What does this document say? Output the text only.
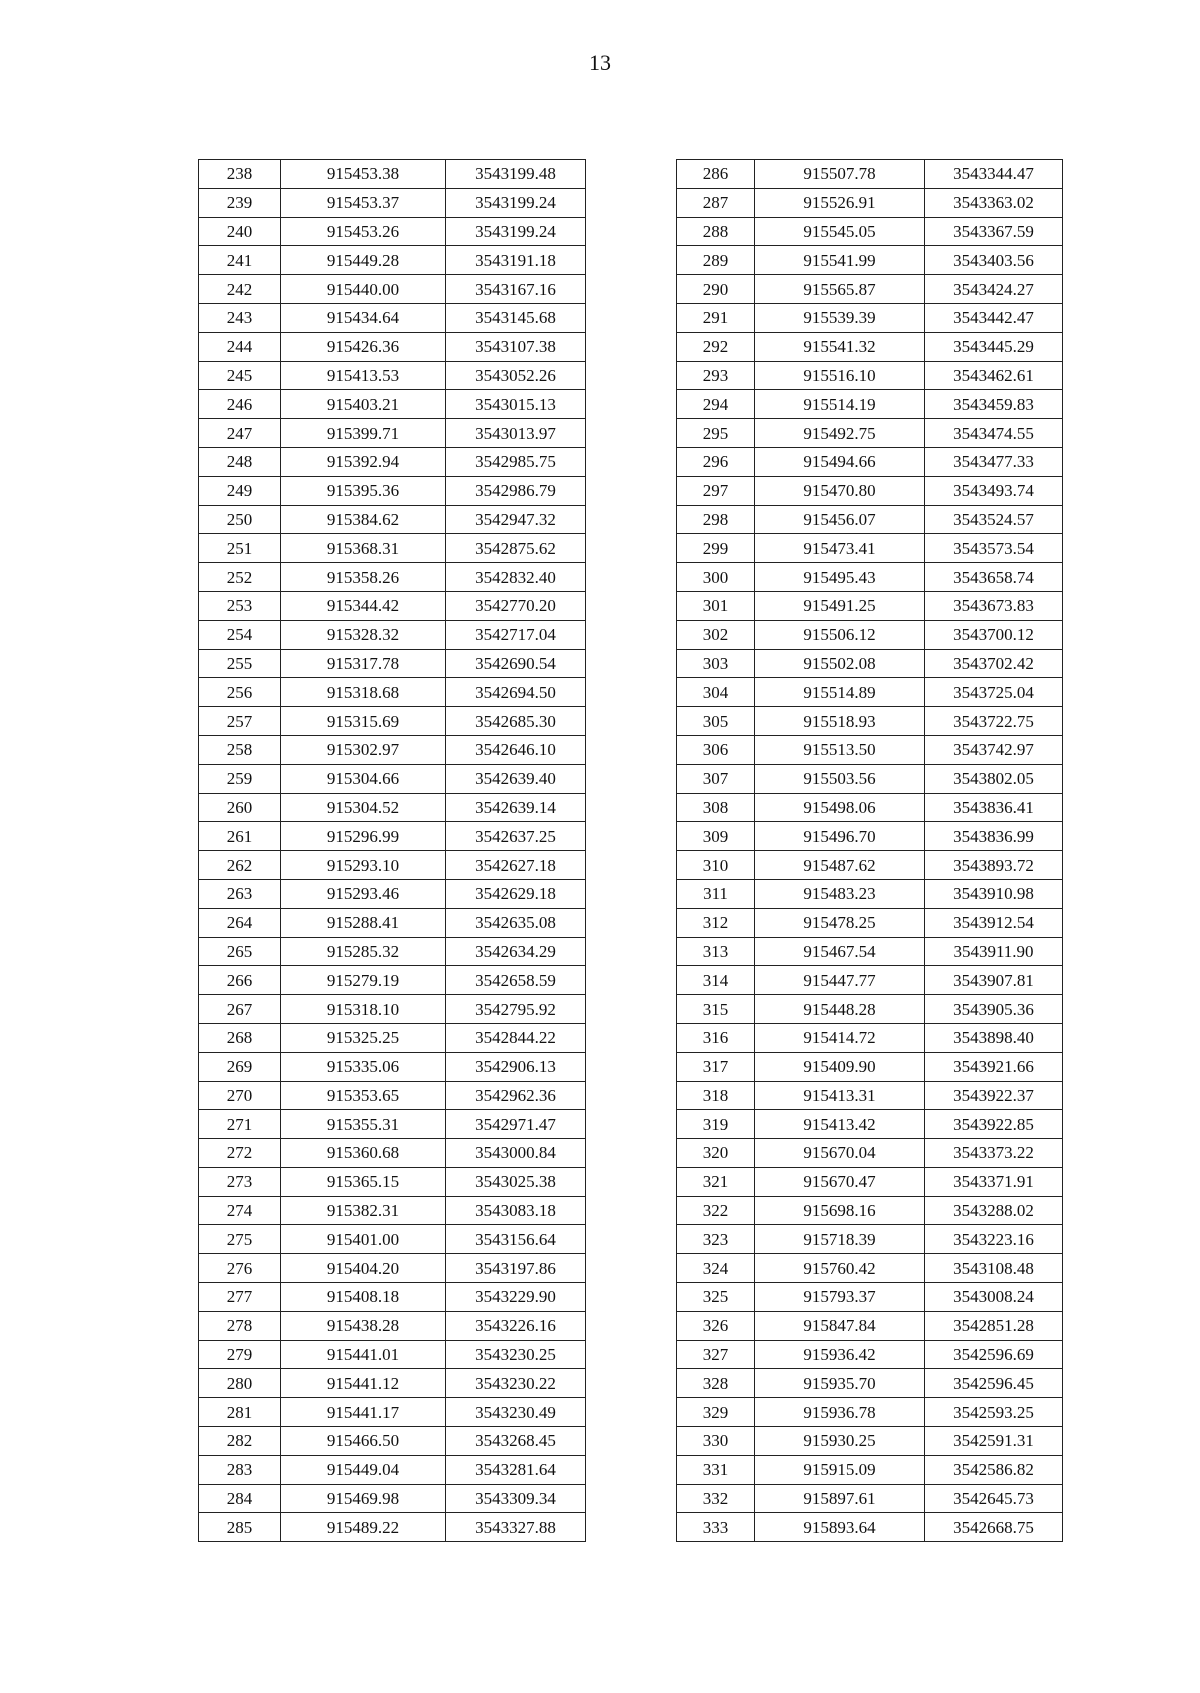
13
238	915453.38	3543199.48
239	915453.37	3543199.24
240	915453.26	3543199.24
241	915449.28	3543191.18
242	915440.00	3543167.16
243	915434.64	3543145.68
244	915426.36	3543107.38
245	915413.53	3543052.26
246	915403.21	3543015.13
247	915399.71	3543013.97
248	915392.94	3542985.75
249	915395.36	3542986.79
250	915384.62	3542947.32
251	915368.31	3542875.62
252	915358.26	3542832.40
253	915344.42	3542770.20
254	915328.32	3542717.04
255	915317.78	3542690.54
256	915318.68	3542694.50
257	915315.69	3542685.30
258	915302.97	3542646.10
259	915304.66	3542639.40
260	915304.52	3542639.14
261	915296.99	3542637.25
262	915293.10	3542627.18
263	915293.46	3542629.18
264	915288.41	3542635.08
265	915285.32	3542634.29
266	915279.19	3542658.59
267	915318.10	3542795.92
268	915325.25	3542844.22
269	915335.06	3542906.13
270	915353.65	3542962.36
271	915355.31	3542971.47
272	915360.68	3543000.84
273	915365.15	3543025.38
274	915382.31	3543083.18
275	915401.00	3543156.64
276	915404.20	3543197.86
277	915408.18	3543229.90
278	915438.28	3543226.16
279	915441.01	3543230.25
280	915441.12	3543230.22
281	915441.17	3543230.49
282	915466.50	3543268.45
283	915449.04	3543281.64
284	915469.98	3543309.34
285	915489.22	3543327.88
286	915507.78	3543344.47
287	915526.91	3543363.02
288	915545.05	3543367.59
289	915541.99	3543403.56
290	915565.87	3543424.27
291	915539.39	3543442.47
292	915541.32	3543445.29
293	915516.10	3543462.61
294	915514.19	3543459.83
295	915492.75	3543474.55
296	915494.66	3543477.33
297	915470.80	3543493.74
298	915456.07	3543524.57
299	915473.41	3543573.54
300	915495.43	3543658.74
301	915491.25	3543673.83
302	915506.12	3543700.12
303	915502.08	3543702.42
304	915514.89	3543725.04
305	915518.93	3543722.75
306	915513.50	3543742.97
307	915503.56	3543802.05
308	915498.06	3543836.41
309	915496.70	3543836.99
310	915487.62	3543893.72
311	915483.23	3543910.98
312	915478.25	3543912.54
313	915467.54	3543911.90
314	915447.77	3543907.81
315	915448.28	3543905.36
316	915414.72	3543898.40
317	915409.90	3543921.66
318	915413.31	3543922.37
319	915413.42	3543922.85
320	915670.04	3543373.22
321	915670.47	3543371.91
322	915698.16	3543288.02
323	915718.39	3543223.16
324	915760.42	3543108.48
325	915793.37	3543008.24
326	915847.84	3542851.28
327	915936.42	3542596.69
328	915935.70	3542596.45
329	915936.78	3542593.25
330	915930.25	3542591.31
331	915915.09	3542586.82
332	915897.61	3542645.73
333	915893.64	3542668.75
